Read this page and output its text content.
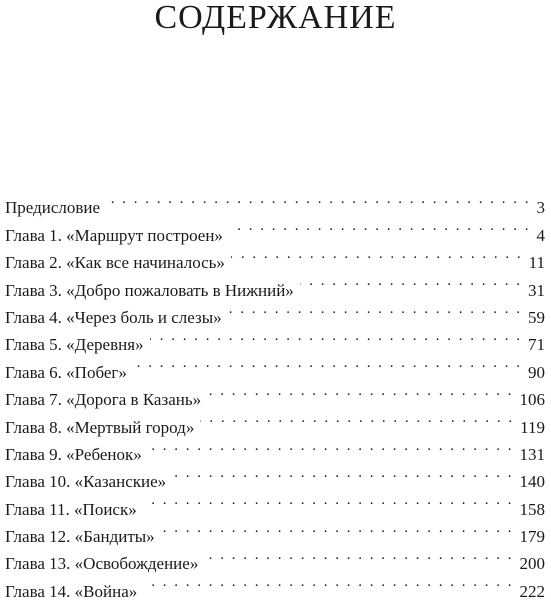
СОДЕРЖАНИЕ
Предисловие . . .	3
Глава 1. «Маршрут построен» . . .	4
Глава 2. «Как все начиналось» . . .	11
Глава 3. «Добро пожаловать в Нижний» . . .	31
Глава 4. «Через боль и слезы» . . .	59
Глава 5. «Деревня» . . .	71
Глава 6. «Побег» . . .	90
Глава 7. «Дорога в Казань» . . .	106
Глава 8. «Мертвый город» . . .	119
Глава 9. «Ребенок» . . .	131
Глава 10. «Казанские» . . .	140
Глава 11. «Поиск» . . .	158
Глава 12. «Бандиты» . . .	179
Глава 13. «Освобождение» . . .	200
Глава 14. «Война» . . .	222
